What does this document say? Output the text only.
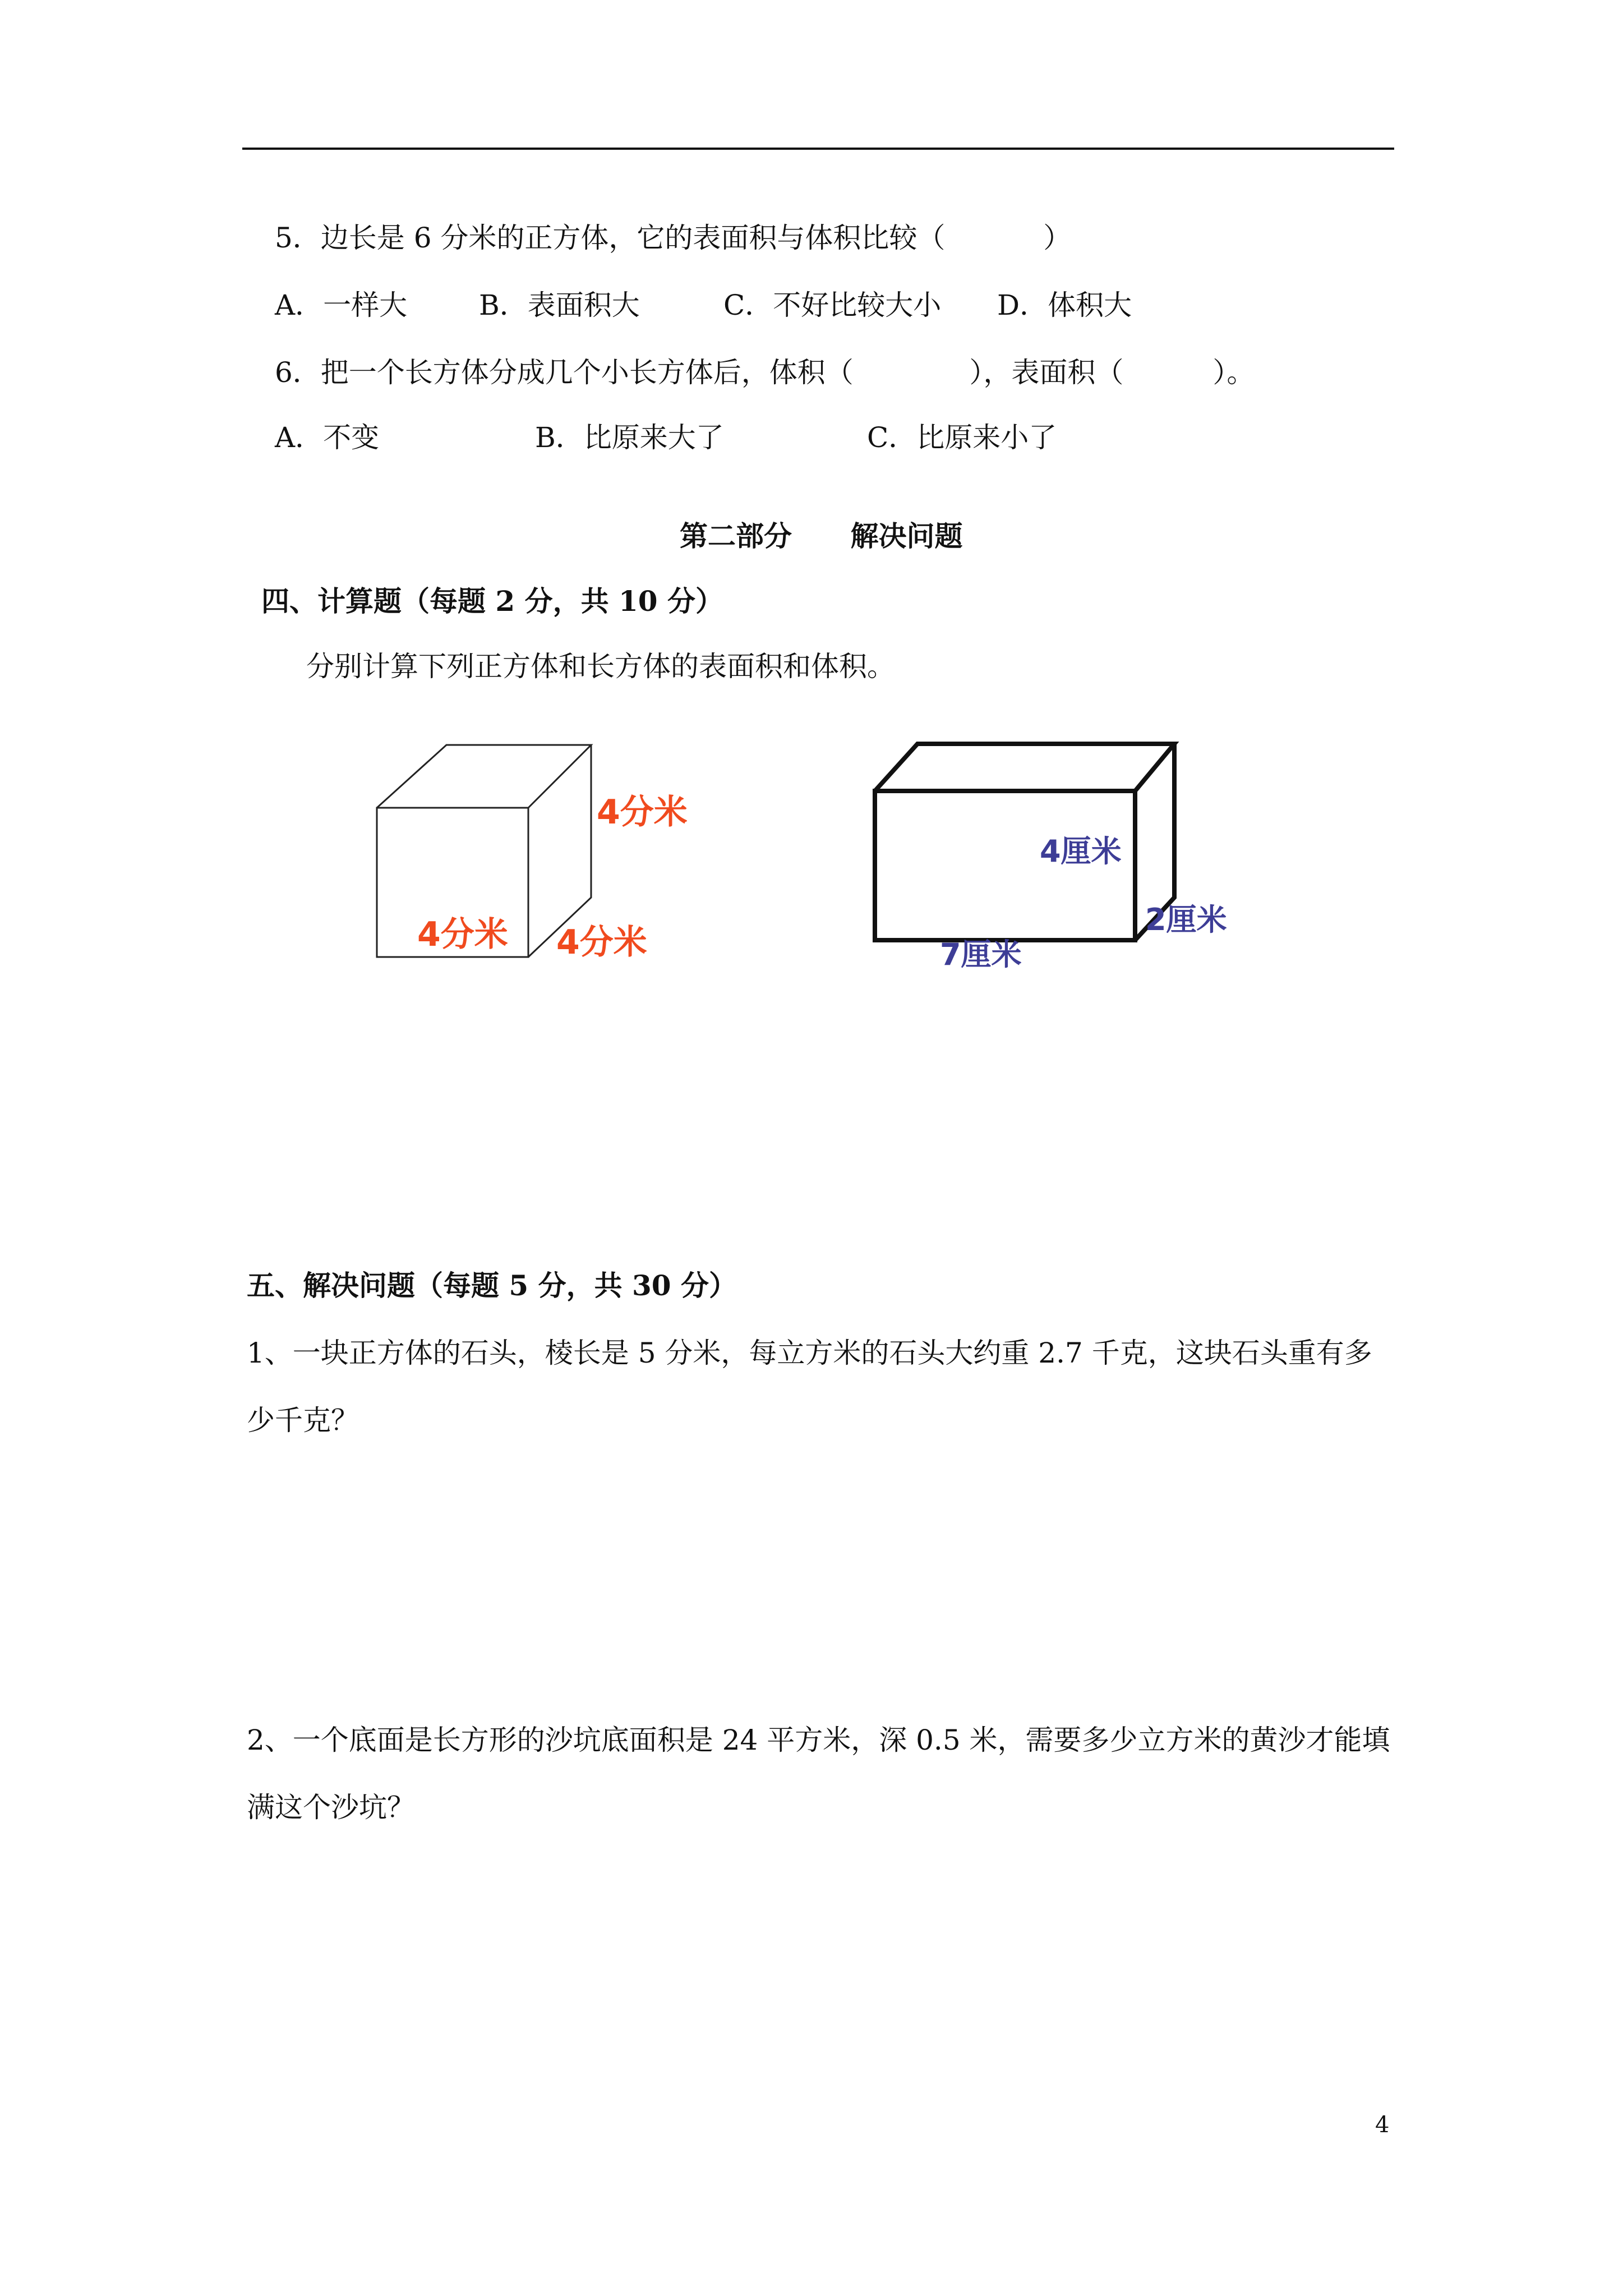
5．边长是 6 分米的正方体，它的表面积与体积比较（           ）
A．一样大	B．表面积大	C．不好比较大小 D．体积大
6．把一个长方体分成几个小长方体后，体积（             ），表面积（          ）。
A．不变	B．比原来大了	C．比原来小了
第二部分      解决问题
四、计算题（每题 2 分，共 10 分）
分别计算下列正方体和长方体的表面积和体积。
4分米
4分米 4分米
4厘米
2厘米
7厘米
五、解决问题（每题 5 分，共 30 分）
1、一块正方体的石头，棱长是 5 分米，每立方米的石头大约重 2.7 千克，这块石头重有多
少千克？
2、一个底面是长方形的沙坑底面积是 24 平方米，深 0.5 米，需要多少立方米的黄沙才能填
满这个沙坑？
4
